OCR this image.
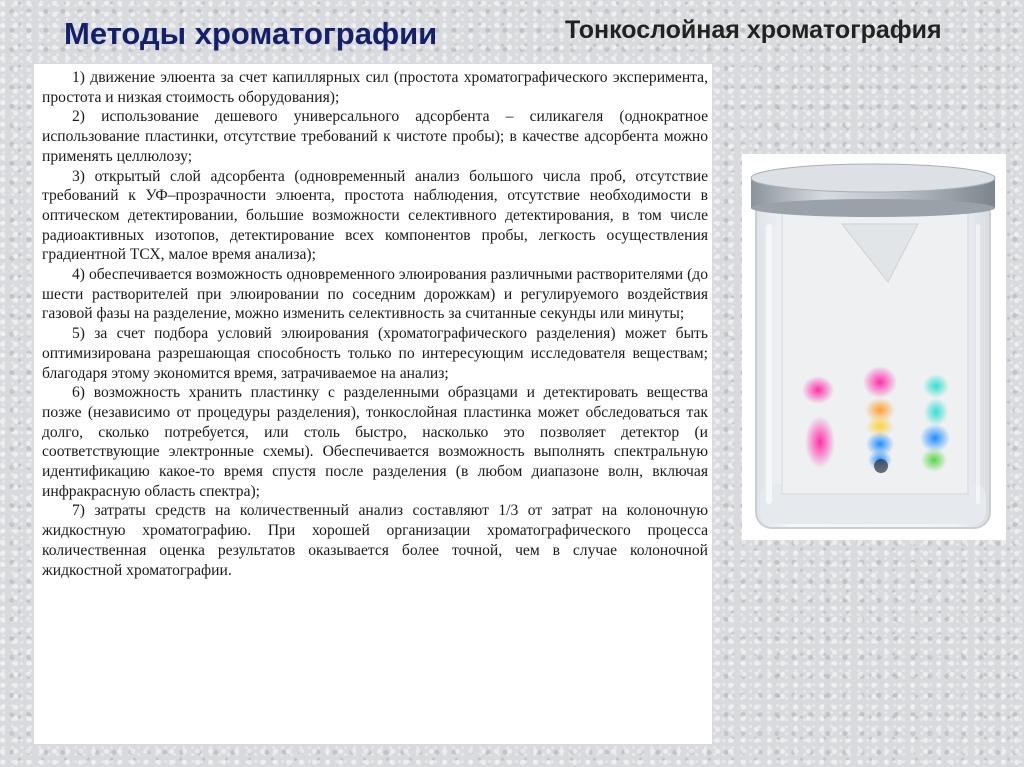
Методы хроматографии	Тонкослойная хроматография

1) движение элюента за счет капиллярных сил (простота хроматографического эксперимента, простота и низкая стоимость оборудования);

2) использование дешевого универсального адсорбента – силикагеля (однократное использование пластинки, отсутствие требований к чистоте пробы); в качестве адсорбента можно применять целлюлозу;

3) открытый слой адсорбента (одновременный анализ большого числа проб, отсутствие требований к УФ–прозрачности элюента, простота наблюдения, отсутствие необходимости в оптическом детектировании, большие возможности селективного детектирования, в том числе радиоактивных изотопов, детектирование всех компонентов пробы, легкость осуществления градиентной ТСХ, малое время анализа);

4) обеспечивается возможность одновременного элюирования различными растворителями (до шести растворителей при элюировании по соседним дорожкам) и регулируемого воздействия газовой фазы на разделение, можно изменить селективность за считанные секунды или минуты;

5) за счет подбора условий элюирования (хроматографического разделения) может быть оптимизирована разрешающая способность только по интересующим исследователя веществам; благодаря этому экономится время, затрачиваемое на анализ;

6) возможность хранить пластинку с разделенными образцами и детектировать вещества позже (независимо от процедуры разделения), тонкослойная пластинка может обследоваться так долго, сколько потребуется, или столь быстро, насколько это позволяет детектор (и соответствующие электронные схемы). Обеспечивается возможность выполнять спектральную идентификацию какое-то время спустя после разделения (в любом диапазоне волн, включая инфракрасную область спектра);

7) затраты средств на количественный анализ составляют 1/3 от затрат на колоночную жидкостную хроматографию. При хорошей организации хроматографического процесса количественная оценка результатов оказывается более точной, чем в случае колоночной жидкостной хроматографии.
